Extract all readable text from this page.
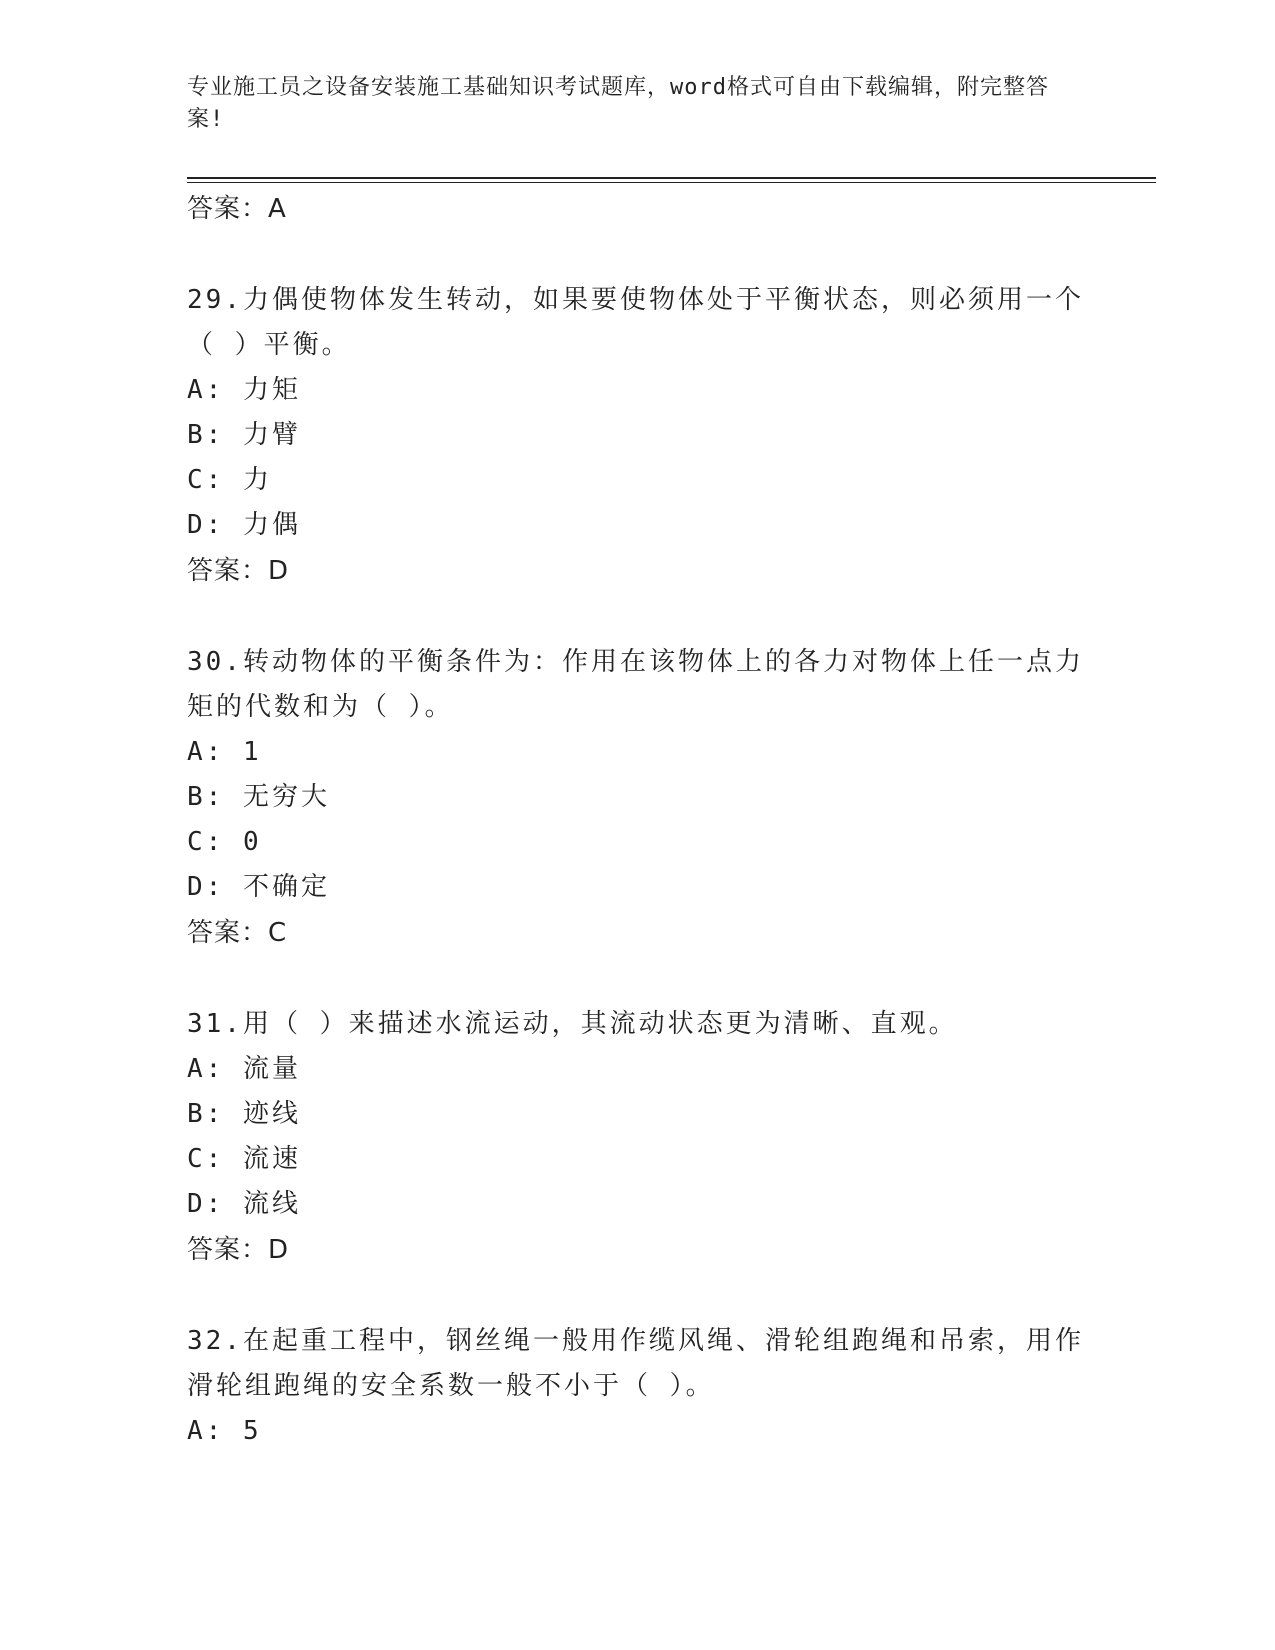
专业施工员之设备安装施工基础知识考试题库，word格式可自由下载编辑，附完整答案!
答案：A
29.力偶使物体发生转动，如果要使物体处于平衡状态，则必须用一个（ ）平衡。
A: 力矩
B: 力臂
C: 力
D: 力偶
答案：D
30.转动物体的平衡条件为：作用在该物体上的各力对物体上任一点力矩的代数和为（ ）。
A: 1
B: 无穷大
C: 0
D: 不确定
答案：C
31.用（ ）来描述水流运动，其流动状态更为清晰、直观。
A: 流量
B: 迹线
C: 流速
D: 流线
答案：D
32.在起重工程中，钢丝绳一般用作缆风绳、滑轮组跑绳和吊索，用作滑轮组跑绳的安全系数一般不小于（ ）。
A: 5
